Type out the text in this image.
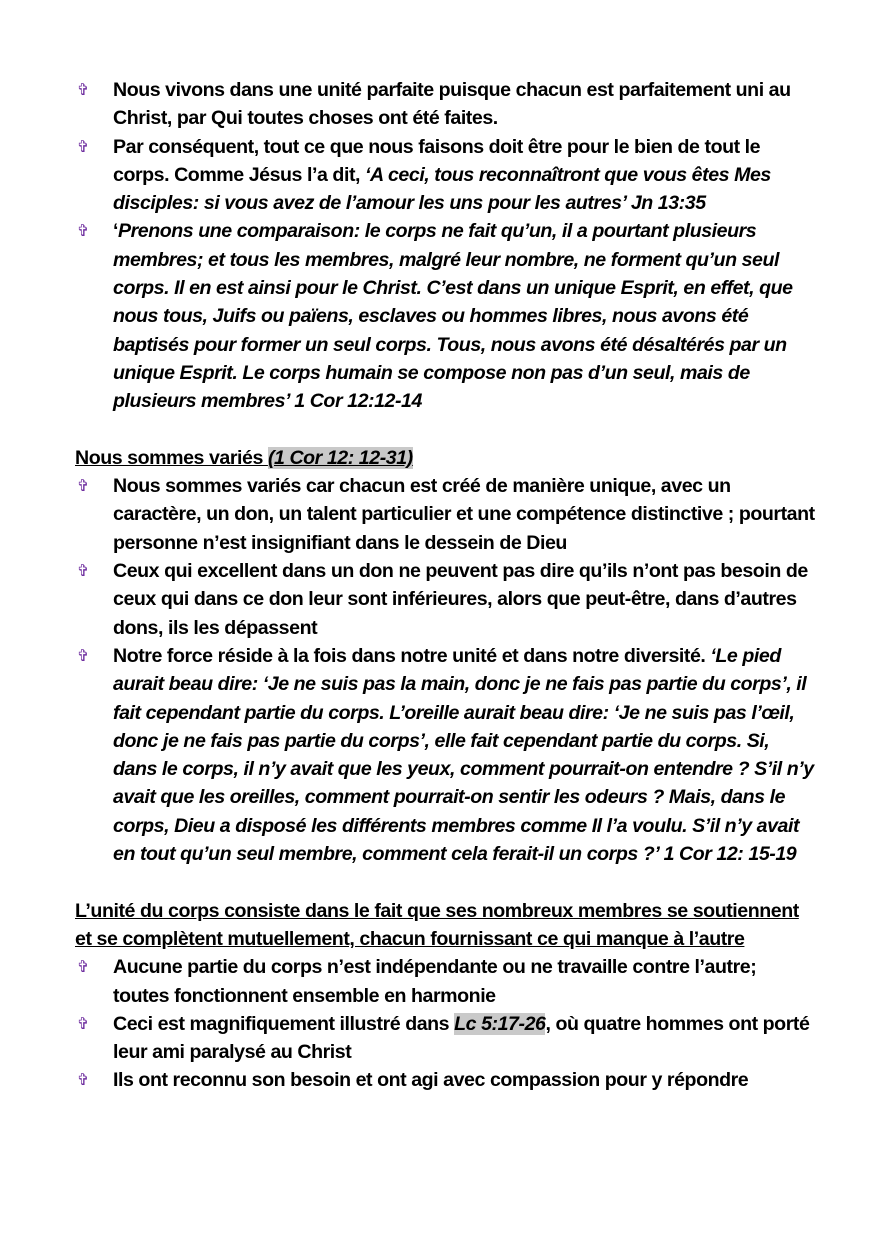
✞ Nous vivons dans une unité parfaite puisque chacun est parfaitement uni au Christ, par Qui toutes choses ont été faites.
✞ Par conséquent, tout ce que nous faisons doit être pour le bien de tout le corps. Comme Jésus l’a dit, ‘A ceci, tous reconnaîtront que vous êtes Mes disciples: si vous avez de l’amour les uns pour les autres’ Jn 13:35
✞ ‘Prenons une comparaison: le corps ne fait qu’un, il a pourtant plusieurs membres; et tous les membres, malgré leur nombre, ne forment qu’un seul corps. Il en est ainsi pour le Christ. C’est dans un unique Esprit, en effet, que nous tous, Juifs ou païens, esclaves ou hommes libres, nous avons été baptisés pour former un seul corps. Tous, nous avons été désaltérés par un unique Esprit. Le corps humain se compose non pas d’un seul, mais de plusieurs membres’ 1 Cor 12:12-14
Nous sommes variés (1 Cor 12: 12-31)
✞ Nous sommes variés car chacun est créé de manière unique, avec un caractère, un don, un talent particulier et une compétence distinctive ; pourtant personne n’est insignifiant dans le dessein de Dieu
✞ Ceux qui excellent dans un don ne peuvent pas dire qu’ils n’ont pas besoin de ceux qui dans ce don leur sont inférieures, alors que peut-être, dans d’autres dons, ils les dépassent
✞ Notre force réside à la fois dans notre unité et dans notre diversité. ‘Le pied aurait beau dire: ‘Je ne suis pas la main, donc je ne fais pas partie du corps’, il fait cependant partie du corps. L’oreille aurait beau dire: ‘Je ne suis pas l’œil, donc je ne fais pas partie du corps’, elle fait cependant partie du corps. Si, dans le corps, il n’y avait que les yeux, comment pourrait-on entendre ? S’il n’y avait que les oreilles, comment pourrait-on sentir les odeurs ? Mais, dans le corps, Dieu a disposé les différents membres comme Il l’a voulu. S’il n’y avait en tout qu’un seul membre, comment cela ferait-il un corps ?’ 1 Cor 12: 15-19
L’unité du corps consiste dans le fait que ses nombreux membres se soutiennent et se complètent mutuellement, chacun fournissant ce qui manque à l’autre
✞ Aucune partie du corps n’est indépendante ou ne travaille contre l’autre; toutes fonctionnent ensemble en harmonie
✞ Ceci est magnifiquement illustré dans Lc 5:17-26, où quatre hommes ont porté leur ami paralysé au Christ
✞ Ils ont reconnu son besoin et ont agi avec compassion pour y répondre
